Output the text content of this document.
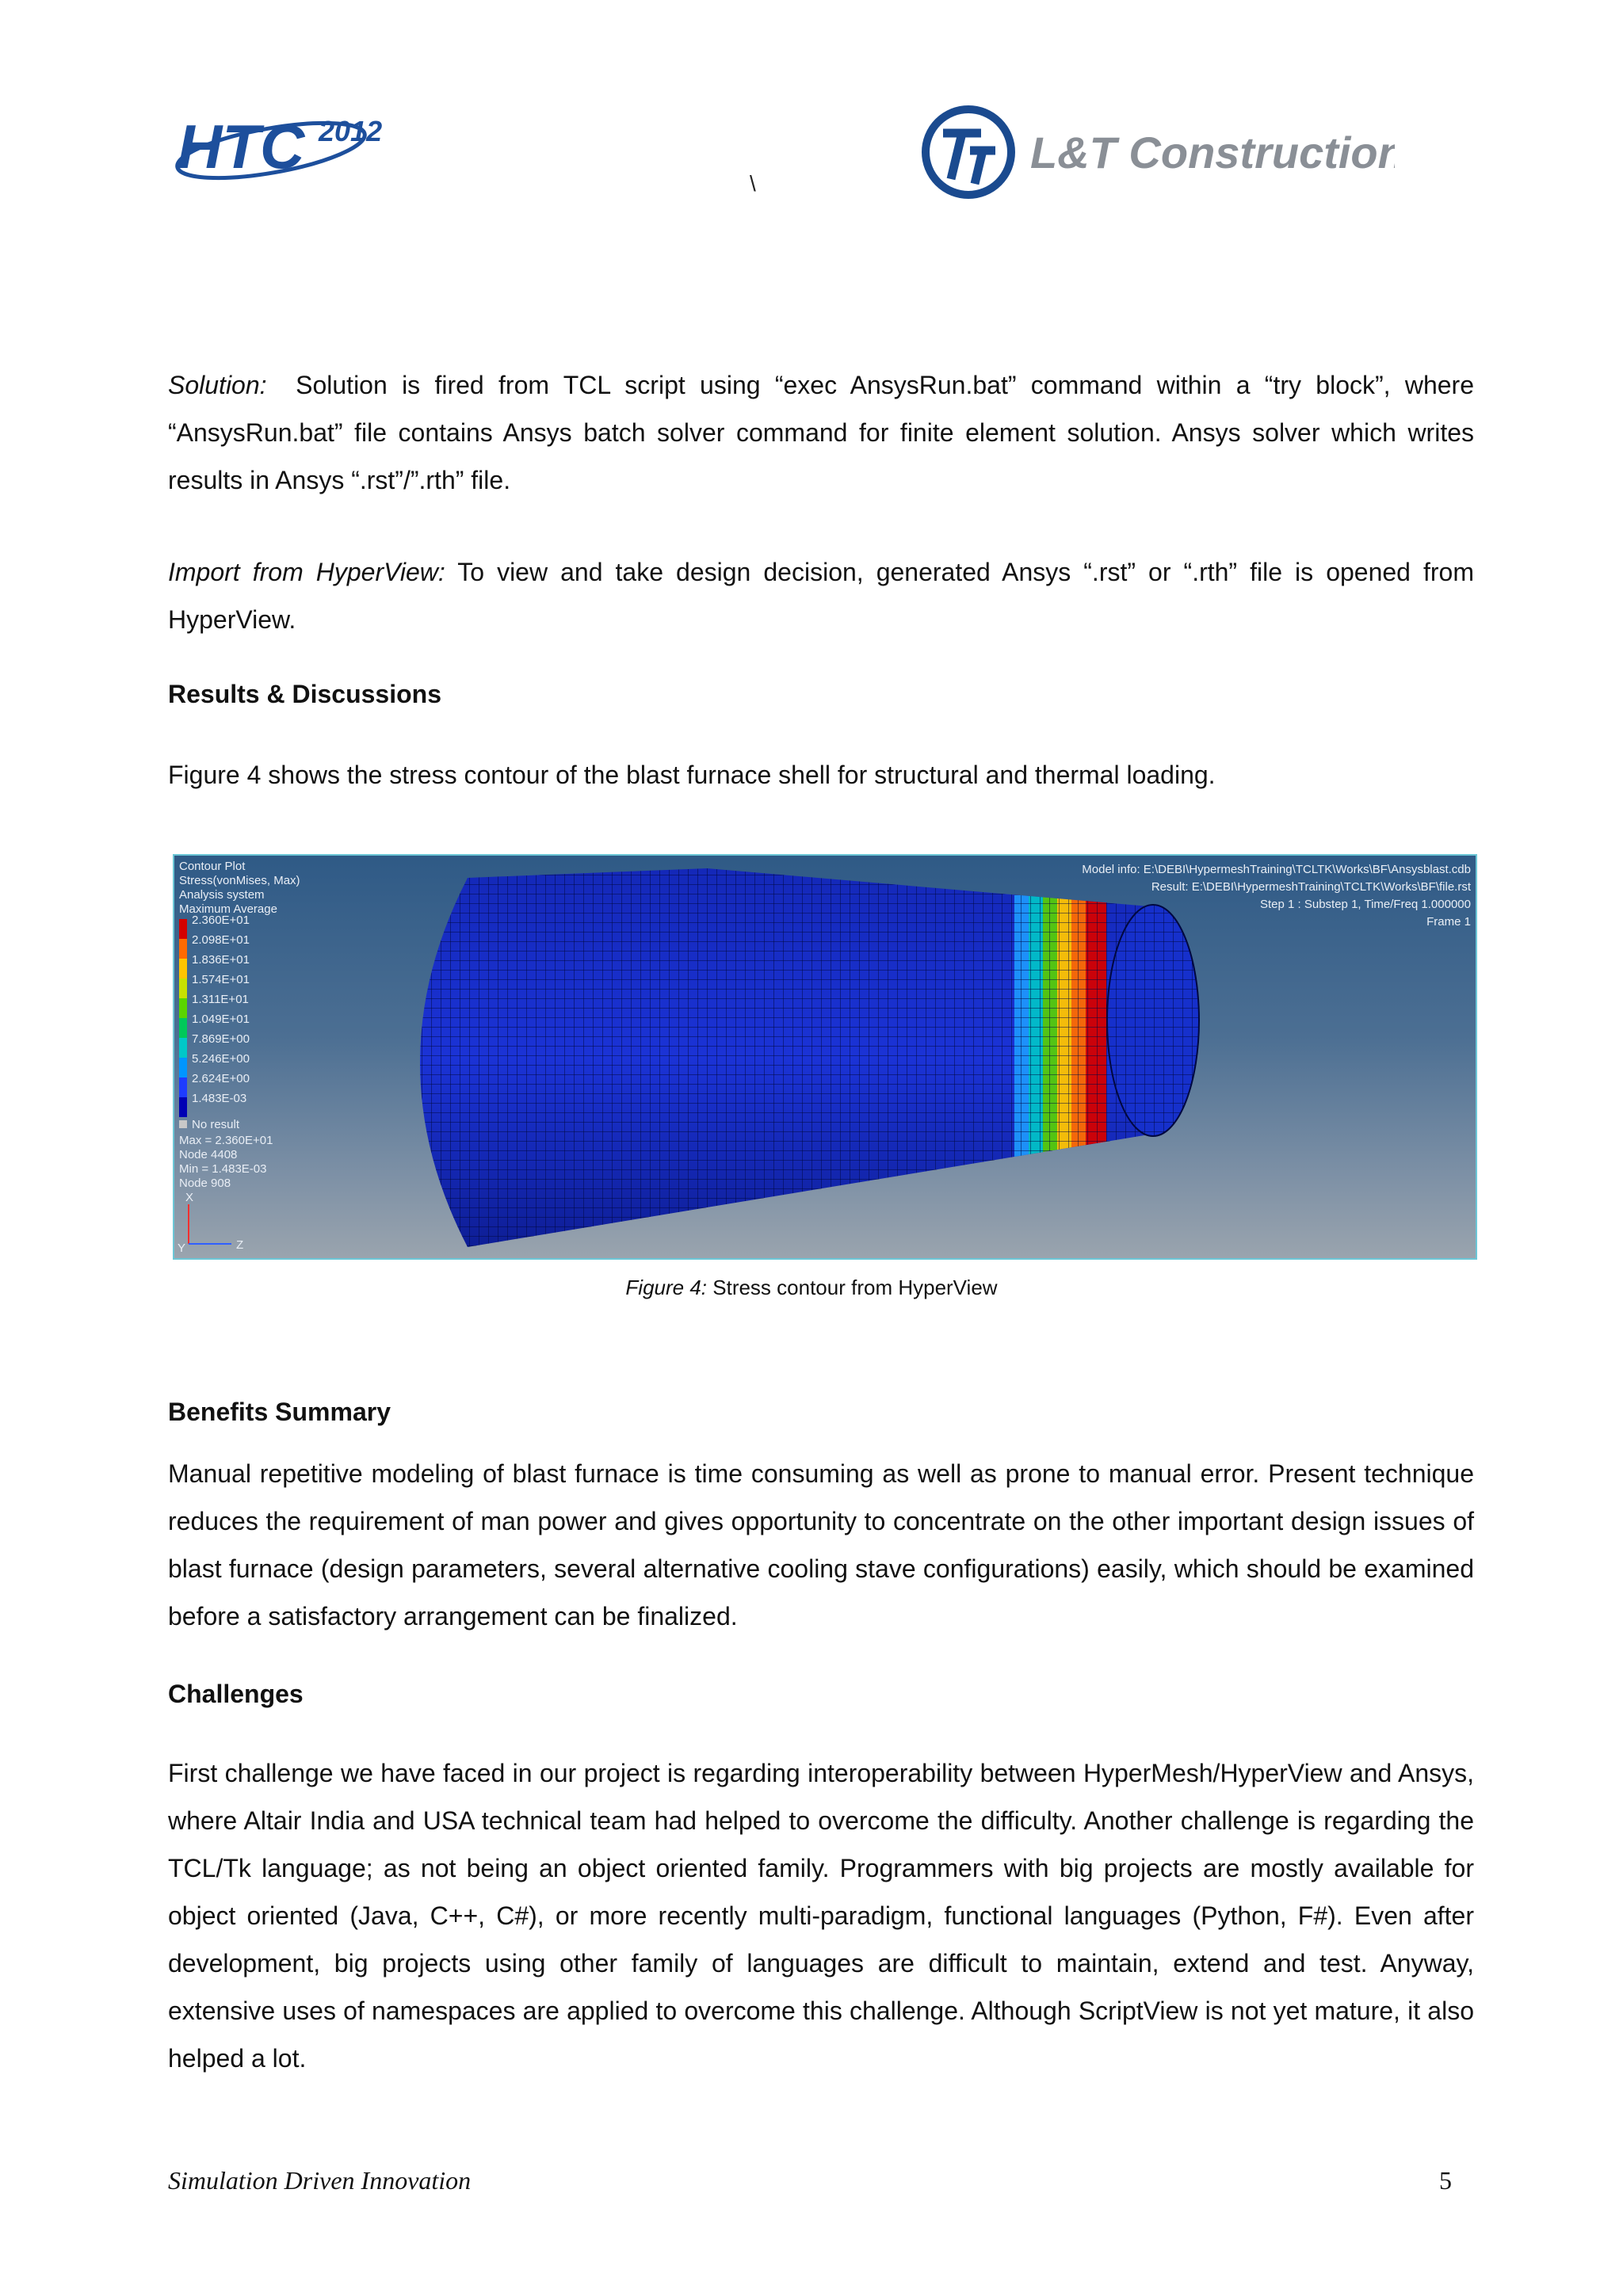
HTC 2012	L&T Construction
\

Solution: Solution is fired from TCL script using “exec AnsysRun.bat” command within a “try block”, where “AnsysRun.bat” file contains Ansys batch solver command for finite element solution. Ansys solver which writes results in Ansys “.rst”/”.rth” file.

Import from HyperView: To view and take design decision, generated Ansys “.rst” or “.rth” file is opened from HyperView.

Results & Discussions

Figure 4 shows the stress contour of the blast furnace shell for structural and thermal loading.

Contour Plot
Stress(vonMises, Max)
Analysis system
Maximum Average
2.360E+01
2.098E+01
1.836E+01
1.574E+01
1.311E+01
1.049E+01
7.869E+00
5.246E+00
2.624E+00
1.483E-03
No result
Max = 2.360E+01
Node 4408
Min = 1.483E-03
Node 908
X
Y	Z
Model info: E:\DEBI\HypermeshTraining\TCLTK\Works\BF\Ansysblast.cdb
Result: E:\DEBI\HypermeshTraining\TCLTK\Works\BF\file.rst
Step 1 : Substep 1, Time/Freq 1.000000
Frame 1
Figure 4: Stress contour from HyperView
Benefits Summary

Manual repetitive modeling of blast furnace is time consuming as well as prone to manual error. Present technique reduces the requirement of man power and gives opportunity to concentrate on the other important design issues of blast furnace (design parameters, several alternative cooling stave configurations) easily, which should be examined before a satisfactory arrangement can be finalized.

Challenges

First challenge we have faced in our project is regarding interoperability between HyperMesh/HyperView and Ansys, where Altair India and USA technical team had helped to overcome the difficulty. Another challenge is regarding the TCL/Tk language; as not being an object oriented family. Programmers with big projects are mostly available for object oriented (Java, C++, C#), or more recently multi-paradigm, functional languages (Python, F#). Even after development, big projects using other family of languages are difficult to maintain, extend and test. Anyway, extensive uses of namespaces are applied to overcome this challenge. Although ScriptView is not yet mature, it also helped a lot.

Simulation Driven Innovation	5
